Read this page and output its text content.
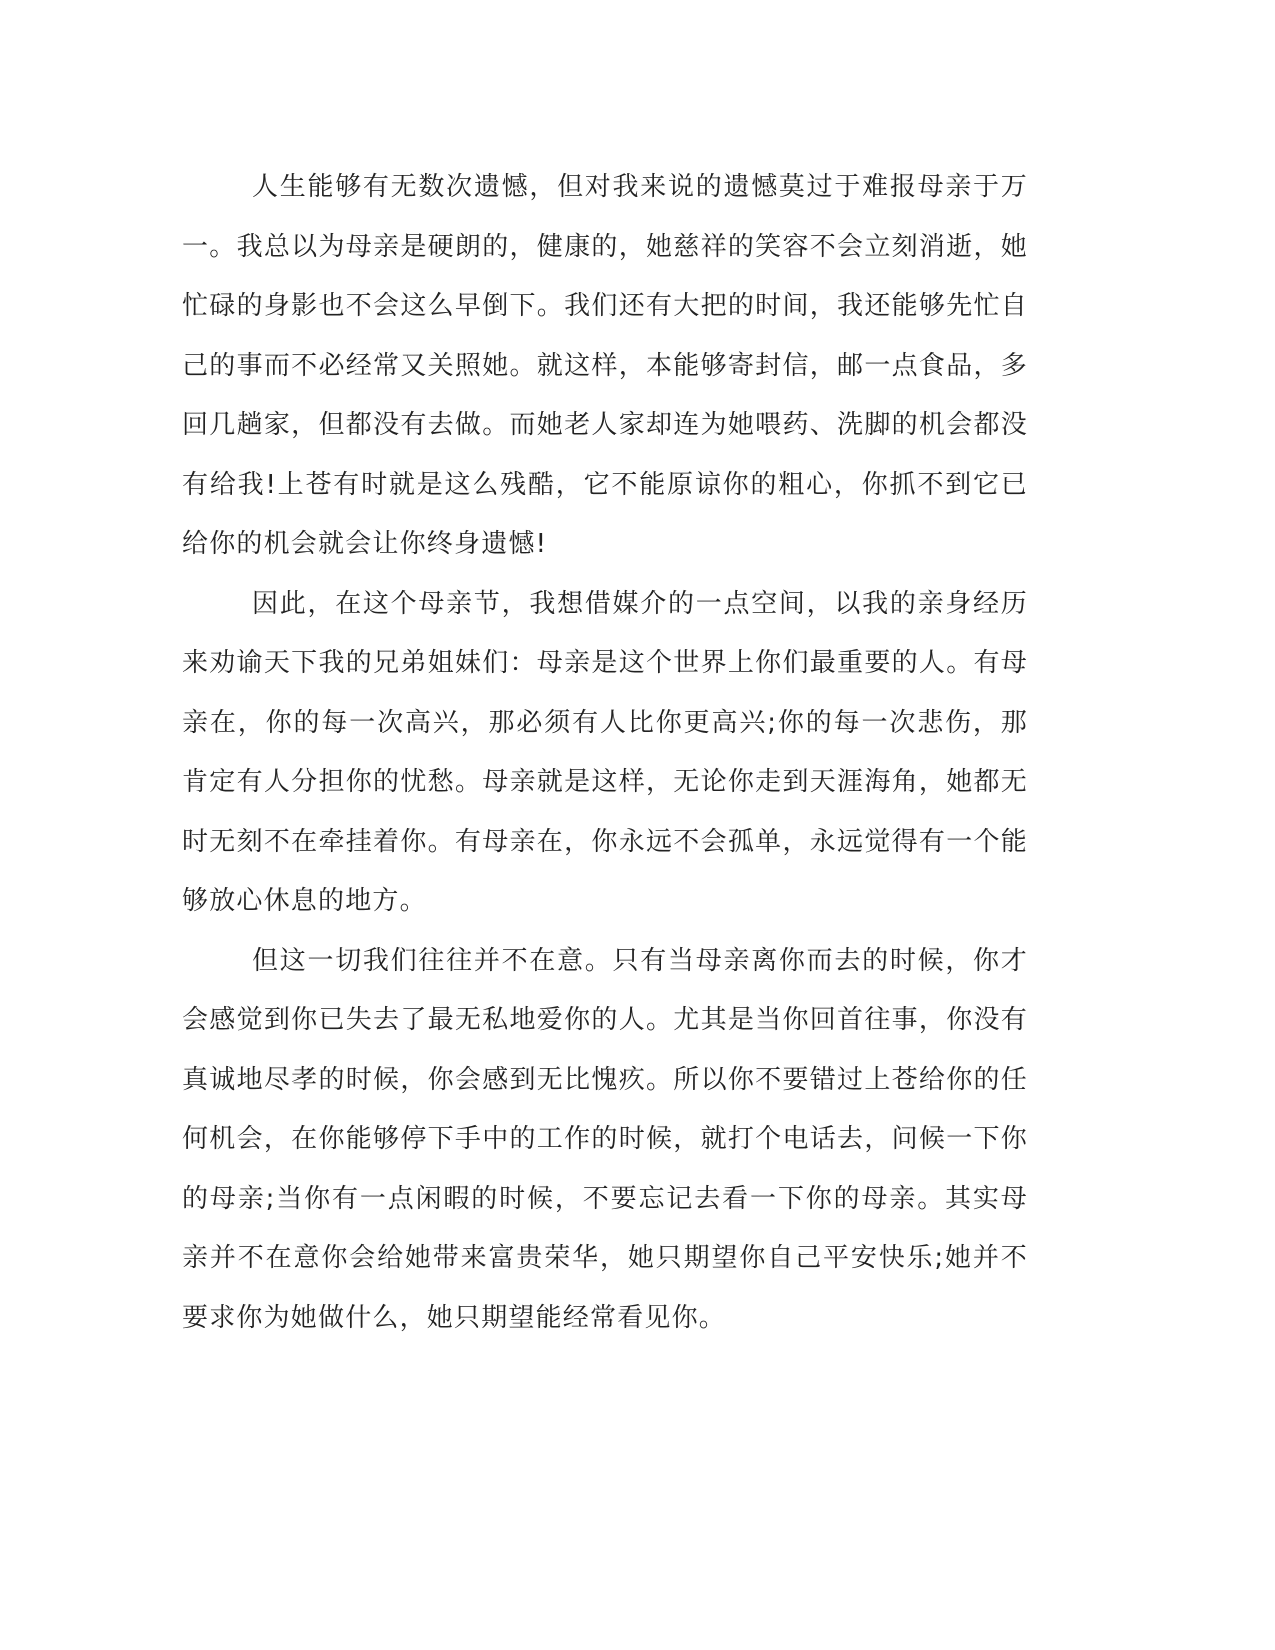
人生能够有无数次遗憾，但对我来说的遗憾莫过于难报母亲于万一。我总以为母亲是硬朗的，健康的，她慈祥的笑容不会立刻消逝，她忙碌的身影也不会这么早倒下。我们还有大把的时间，我还能够先忙自己的事而不必经常又关照她。就这样，本能够寄封信，邮一点食品，多回几趟家，但都没有去做。而她老人家却连为她喂药、洗脚的机会都没有给我!上苍有时就是这么残酷，它不能原谅你的粗心，你抓不到它已给你的机会就会让你终身遗憾!

因此，在这个母亲节，我想借媒介的一点空间，以我的亲身经历来劝谕天下我的兄弟姐妹们：母亲是这个世界上你们最重要的人。有母亲在，你的每一次高兴，那必须有人比你更高兴;你的每一次悲伤，那肯定有人分担你的忧愁。母亲就是这样，无论你走到天涯海角，她都无时无刻不在牵挂着你。有母亲在，你永远不会孤单，永远觉得有一个能够放心休息的地方。

但这一切我们往往并不在意。只有当母亲离你而去的时候，你才会感觉到你已失去了最无私地爱你的人。尤其是当你回首往事，你没有真诚地尽孝的时候，你会感到无比愧疚。所以你不要错过上苍给你的任何机会，在你能够停下手中的工作的时候，就打个电话去，问候一下你的母亲;当你有一点闲暇的时候，不要忘记去看一下你的母亲。其实母亲并不在意你会给她带来富贵荣华，她只期望你自己平安快乐;她并不要求你为她做什么，她只期望能经常看见你。
